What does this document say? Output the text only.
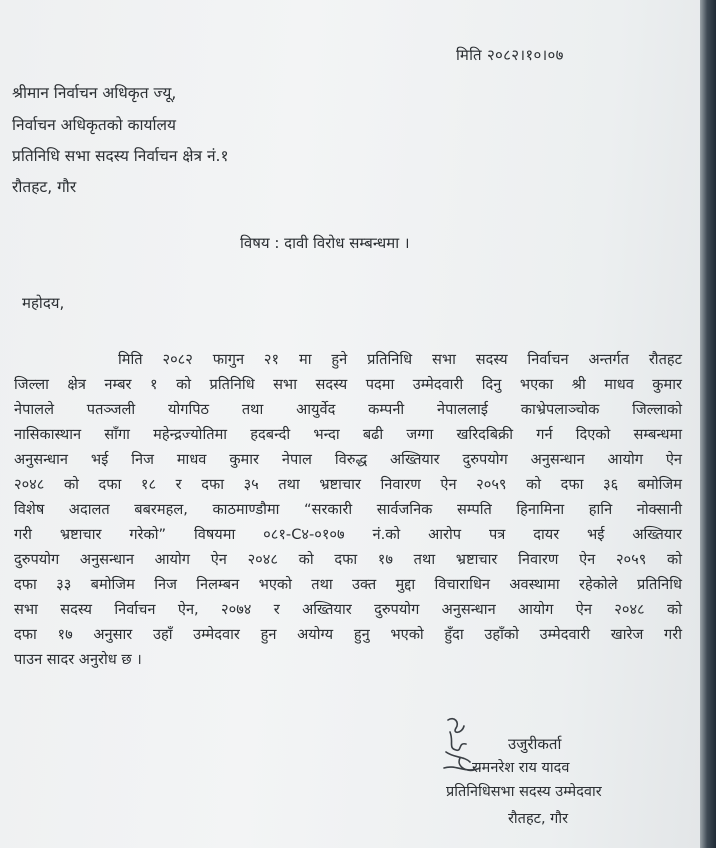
मिति २०८२।१०।०७
श्रीमान निर्वाचन अधिकृत ज्यू,
निर्वाचन अधिकृतको कार्यालय
प्रतिनिधि सभा सदस्य निर्वाचन क्षेत्र नं.१
रौतहट, गौर
विषय : दावी विरोध सम्बन्धमा ।
महोदय,
मिति २०८२ फागुन २१ मा हुने प्रतिनिधि सभा सदस्य निर्वाचन अन्तर्गत रौतहट
जिल्ला क्षेत्र नम्बर १ को प्रतिनिधि सभा सदस्य पदमा उम्मेदवारी दिनु भएका श्री माधव कुमार
नेपालले पतञ्जली योगपिठ तथा आयुर्वेद कम्पनी नेपाललाई काभ्रेपलाञ्चोक जिल्लाको
नासिकास्थान साँगा महेन्द्रज्योतिमा हदबन्दी भन्दा बढी जग्गा खरिदबिक्री गर्न दिएको सम्बन्धमा
अनुसन्धान भई निज माधव कुमार नेपाल विरुद्ध अख्तियार दुरुपयोग अनुसन्धान आयोग ऐन
२०४८ को दफा १८ र दफा ३५ तथा भ्रष्टाचार निवारण ऐन २०५९ को दफा ३६ बमोजिम
विशेष अदालत बबरमहल, काठमाण्डौमा “सरकारी सार्वजनिक सम्पति हिनामिना हानि नोक्सानी
गरी भ्रष्टाचार गरेको” विषयमा ०८१-C४-०१०७ नं.को आरोप पत्र दायर भई अख्तियार
दुरुपयोग अनुसन्धान आयोग ऐन २०४८ को दफा १७ तथा भ्रष्टाचार निवारण ऐन २०५९ को
दफा ३३ बमोजिम निज निलम्बन भएको तथा उक्त मुद्दा विचाराधिन अवस्थामा रहेकोले प्रतिनिधि
सभा सदस्य निर्वाचन ऐन, २०७४ र अख्तियार दुरुपयोग अनुसन्धान आयोग ऐन २०४८ को
दफा १७ अनुसार उहाँ उम्मेदवार हुन अयोग्य हुनु भएको हुँदा उहाँको उम्मेदवारी खारेज गरी
पाउन सादर अनुरोध छ ।
उजुरीकर्ता
रामनरेश राय यादव
प्रतिनिधिसभा सदस्य उम्मेदवार
रौतहट, गौर
